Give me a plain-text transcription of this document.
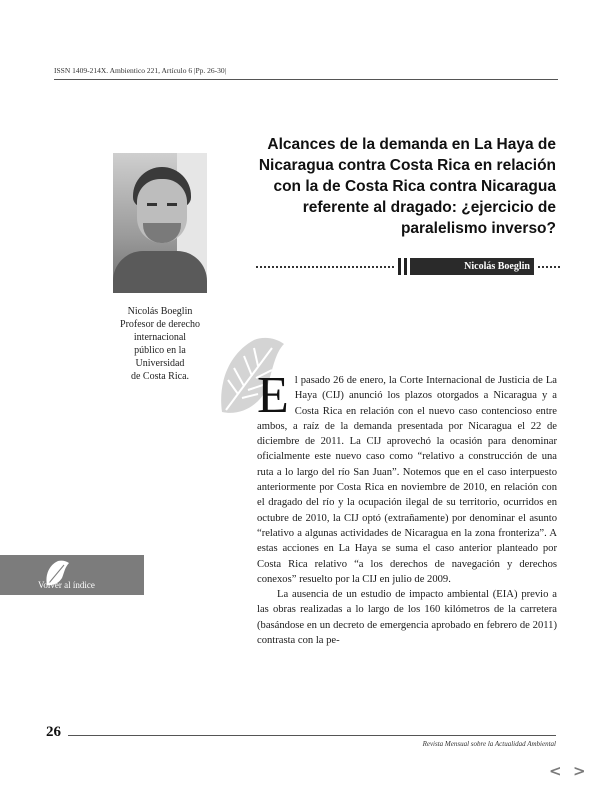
ISSN 1409-214X. Ambientico 221, Artículo 6 |Pp. 26-30|
Alcances de la demanda en La Haya de Nicaragua contra Costa Rica en relación con la de Costa Rica contra Nicaragua referente al dragado: ¿ejercicio de paralelismo inverso?
Nicolás Boeglin
Nicolás Boeglin
Profesor de derecho
internacional
público en la
Universidad
de Costa Rica.	El pasado 26 de enero, la Corte Internacional de Justicia de La Haya (CIJ) anunció los plazos otorgados a Nicaragua y a Costa Rica en relación con el nuevo caso contencioso entre ambos, a raíz de la demanda presentada por Nicaragua el 22 de diciembre de 2011. La CIJ aprovechó la ocasión para denominar oficialmente este nuevo caso como “relativo a construcción de una ruta a lo largo del río San Juan”. Notemos que en el caso interpuesto anteriormente por Costa Rica en noviembre de 2010, en relación con el dragado del río y la ocupación ilegal de su territorio, ocurridos en octubre de 2010, la CIJ optó (extrañamente) por denominar el asunto “relativo a algunas actividades de Nicaragua en la zona fronteriza”. A estas acciones en La Haya se suma el caso anterior planteado por Costa Rica relativo “a los derechos de navegación y derechos conexos” resuelto por la CIJ en julio de 2009.

La ausencia de un estudio de impacto ambiental (EIA) previo a las obras realizadas a lo largo de los 160 kilómetros de la carretera (basándose en un decreto de emergencia aprobado en febrero de 2011) contrasta con la pe-

Volver al índice
26
Revista Mensual sobre la Actualidad Ambiental
< >
